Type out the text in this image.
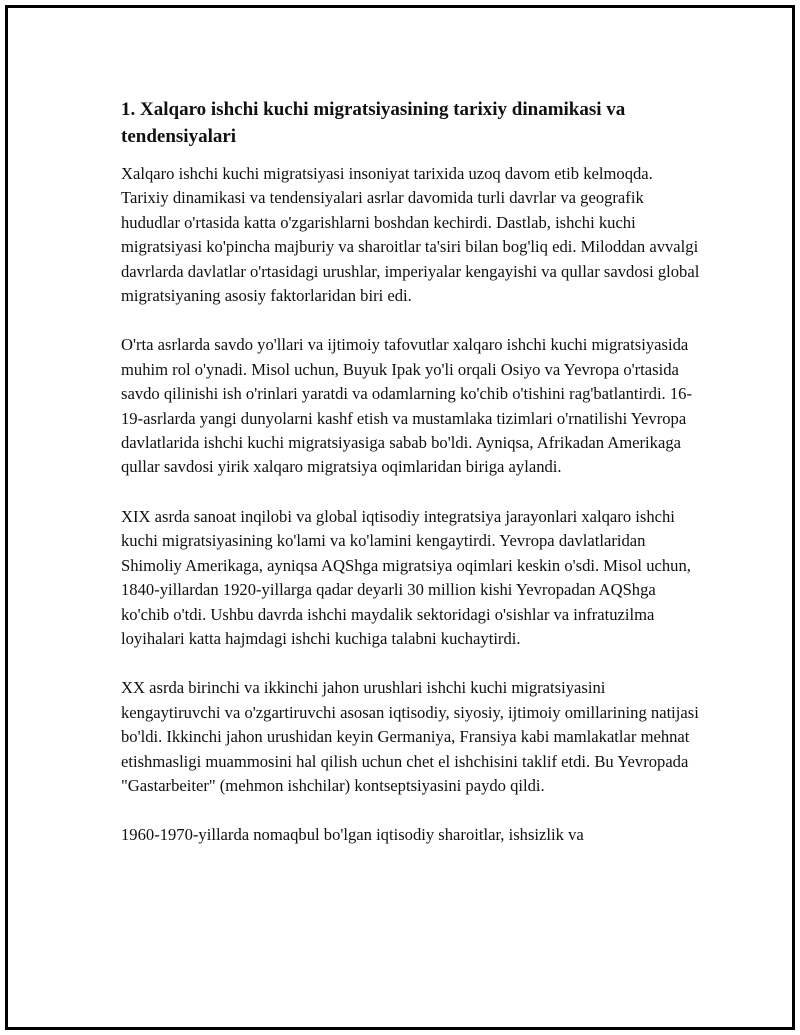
1. Xalqaro ishchi kuchi migratsiyasining tarixiy dinamikasi va tendensiyalari

Xalqaro ishchi kuchi migratsiyasi insoniyat tarixida uzoq davom etib kelmoqda. Tarixiy dinamikasi va tendensiyalari asrlar davomida turli davrlar va geografik hududlar o'rtasida katta o'zgarishlarni boshdan kechirdi. Dastlab, ishchi kuchi migratsiyasi ko'pincha majburiy va sharoitlar ta'siri bilan bog'liq edi. Miloddan avvalgi davrlarda davlatlar o'rtasidagi urushlar, imperiyalar kengayishi va qullar savdosi global migratsiyaning asosiy faktorlaridan biri edi.

O'rta asrlarda savdo yo'llari va ijtimoiy tafovutlar xalqaro ishchi kuchi migratsiyasida muhim rol o'ynadi. Misol uchun, Buyuk Ipak yo'li orqali Osiyo va Yevropa o'rtasida savdo qilinishi ish o'rinlari yaratdi va odamlarning ko'chib o'tishini rag'batlantirdi. 16-19-asrlarda yangi dunyolarni kashf etish va mustamlaka tizimlari o'rnatilishi Yevropa davlatlarida ishchi kuchi migratsiyasiga sabab bo'ldi. Ayniqsa, Afrikadan Amerikaga qullar savdosi yirik xalqaro migratsiya oqimlaridan biriga aylandi.

XIX asrda sanoat inqilobi va global iqtisodiy integratsiya jarayonlari xalqaro ishchi kuchi migratsiyasining ko'lami va ko'lamini kengaytirdi. Yevropa davlatlaridan Shimoliy Amerikaga, ayniqsa AQShga migratsiya oqimlari keskin o'sdi. Misol uchun, 1840-yillardan 1920-yillarga qadar deyarli 30 million kishi Yevropadan AQShga ko'chib o'tdi. Ushbu davrda ishchi maydalik sektoridagi o'sishlar va infratuzilma loyihalari katta hajmdagi ishchi kuchiga talabni kuchaytirdi.

XX asrda birinchi va ikkinchi jahon urushlari ishchi kuchi migratsiyasini kengaytiruvchi va o'zgartiruvchi asosan iqtisodiy, siyosiy, ijtimoiy omillarining natijasi bo'ldi. Ikkinchi jahon urushidan keyin Germaniya, Fransiya kabi mamlakatlar mehnat etishmasligi muammosini hal qilish uchun chet el ishchisini taklif etdi. Bu Yevropada "Gastarbeiter" (mehmon ishchilar) kontseptsiyasini paydo qildi.

1960-1970-yillarda nomaqbul bo'lgan iqtisodiy sharoitlar, ishsizlik va
